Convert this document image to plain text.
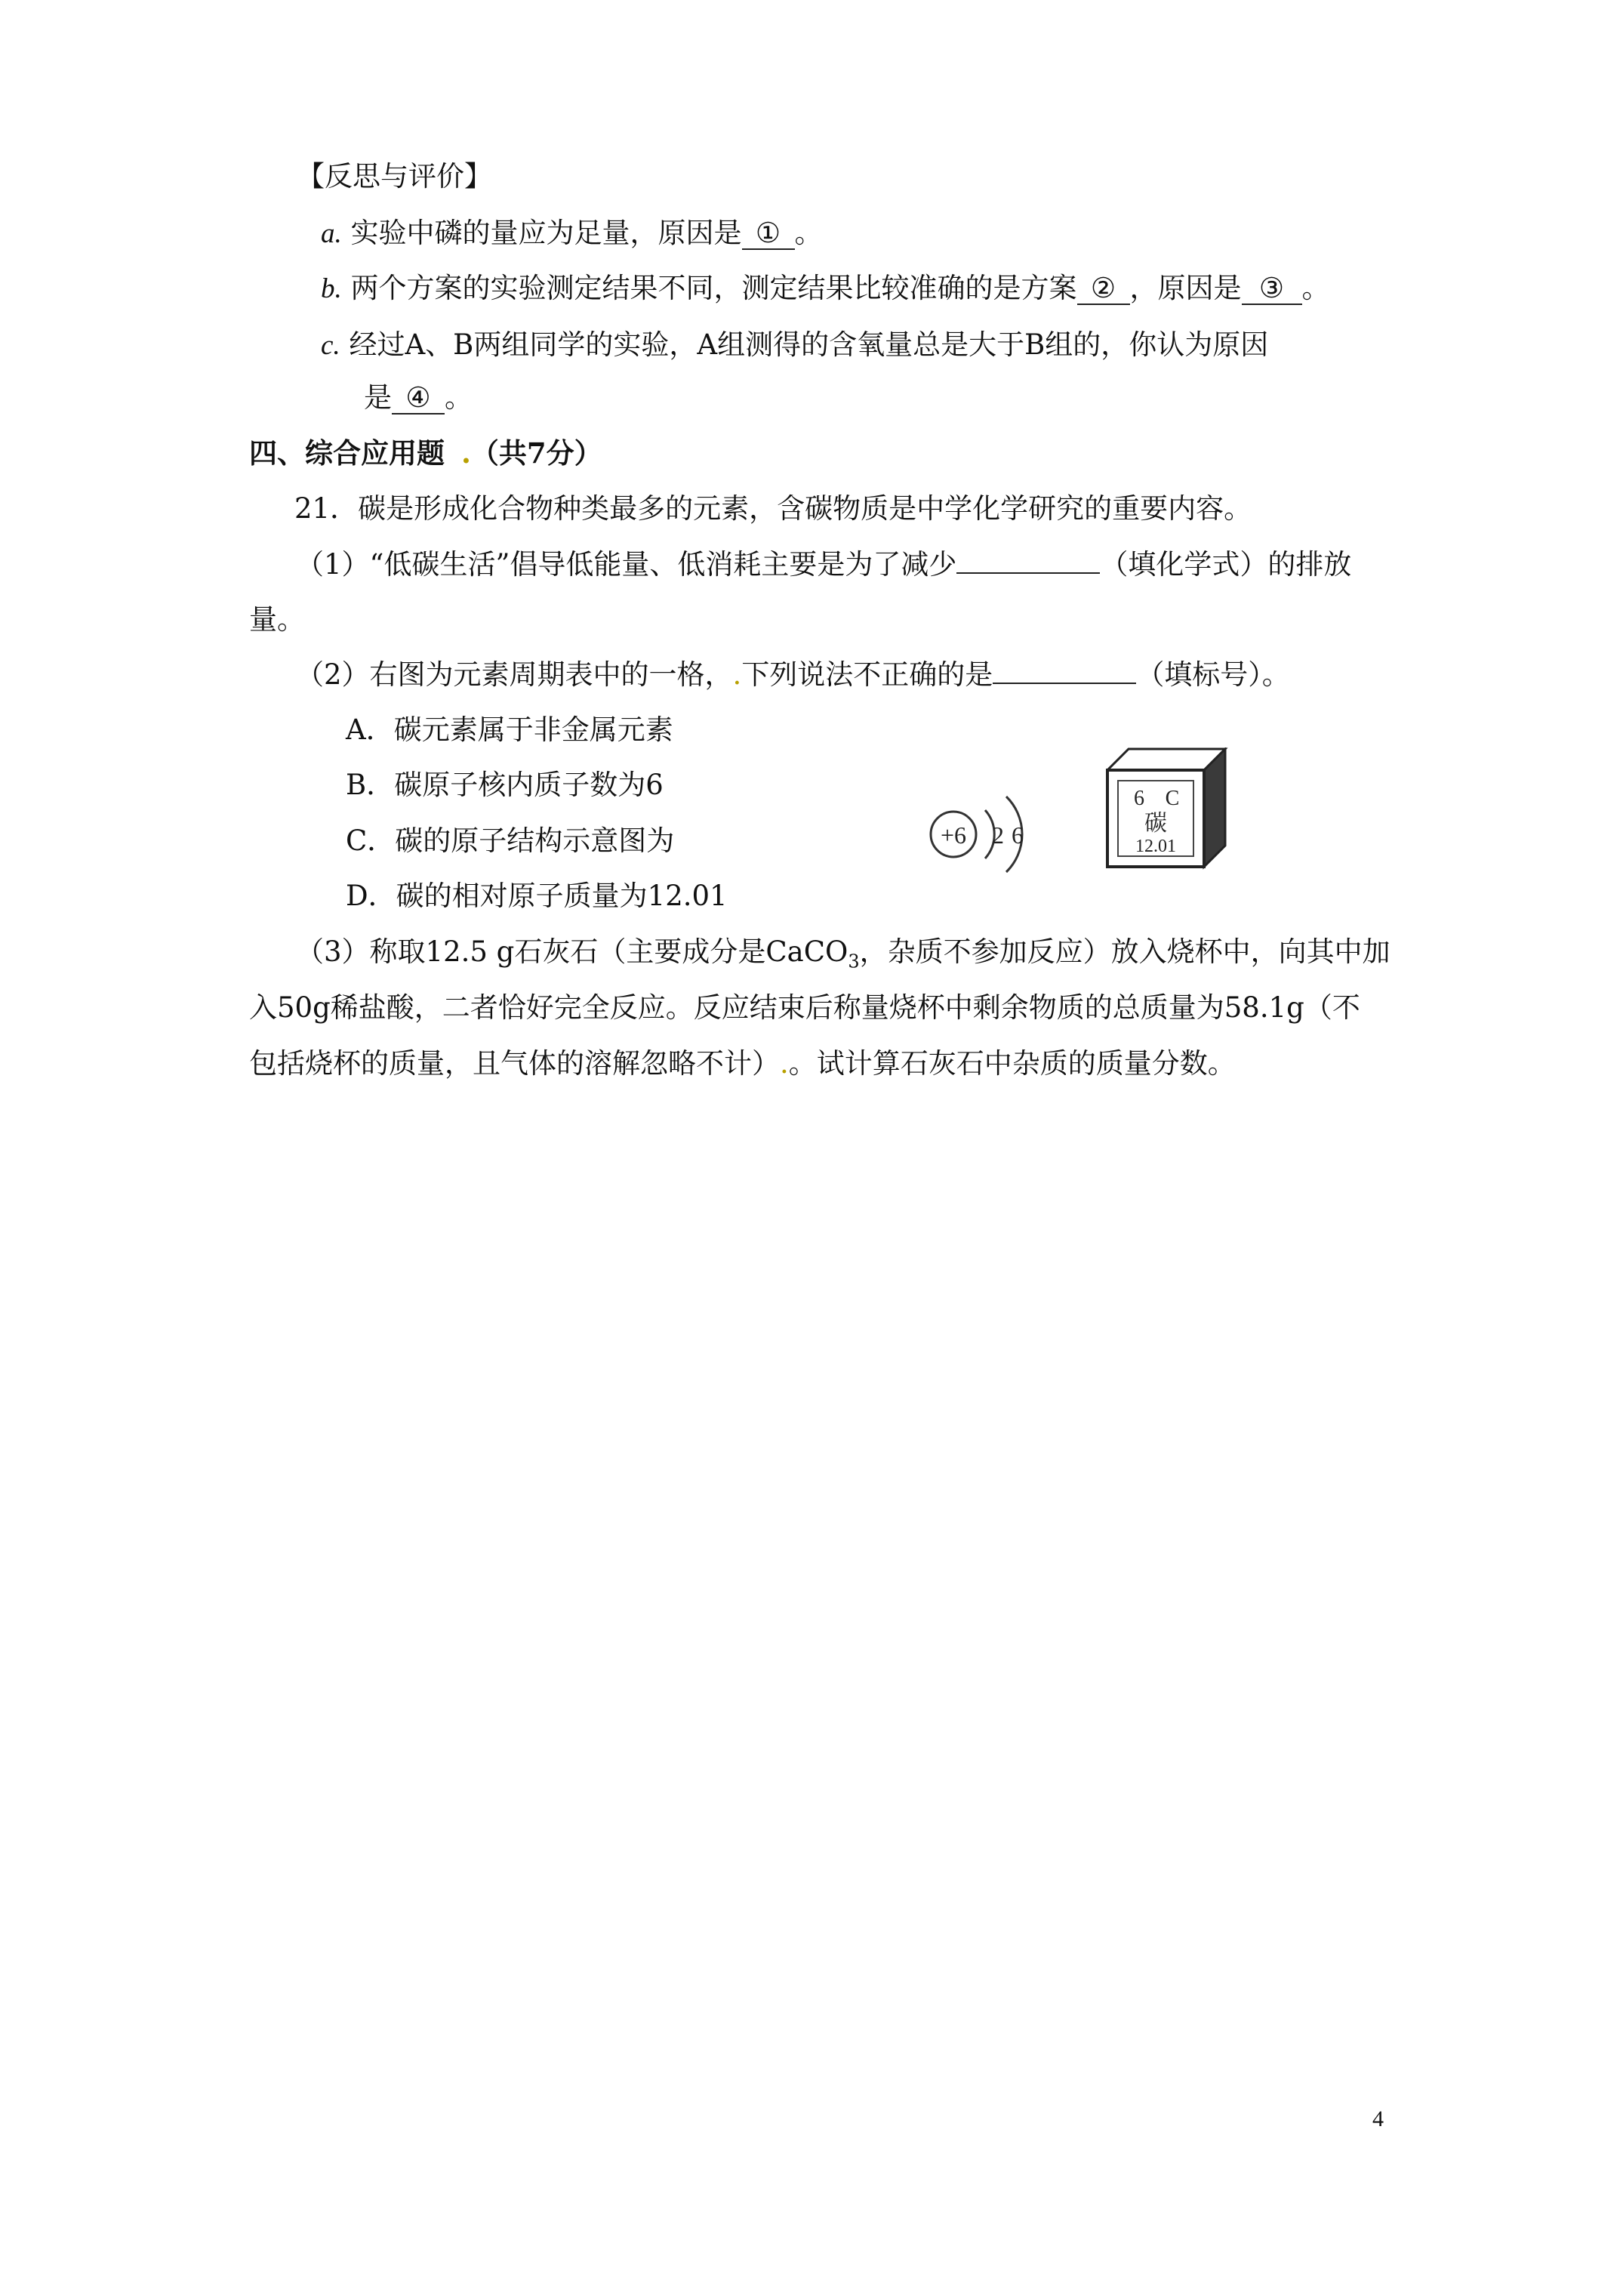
【反思与评价】
a. 实验中磷的量应为足量，原因是 ① 。
b. 两个方案的实验测定结果不同，测定结果比较准确的是方案 ② ，原因是 ③ 。
c. 经过A、B两组同学的实验，A组测得的含氧量总是大于B组的，你认为原因
是 ④ 。
四、综合应用题 .（共7分）
21．碳是形成化合物种类最多的元素，含碳物质是中学化学研究的重要内容。
（1）“低碳生活”倡导低能量、低消耗主要是为了减少	（填化学式）的排放
量。
（2）右图为元素周期表中的一格，.下列说法不正确的是	（填标号）。
A．碳元素属于非金属元素
B．碳原子核内质子数为6
C．碳的原子结构示意图为
D．碳的相对原子质量为12.01
+6 2 6
6 C
碳
12.01
（3）称取12.5 g石灰石（主要成分是CaCO$_3$，杂质不参加反应）放入烧杯中，向其中加
入50g稀盐酸，二者恰好完全反应。反应结束后称量烧杯中剩余物质的总质量为58.1g（不
包括烧杯的质量，且气体的溶解忽略不计）.。试计算石灰石中杂质的质量分数。
4
